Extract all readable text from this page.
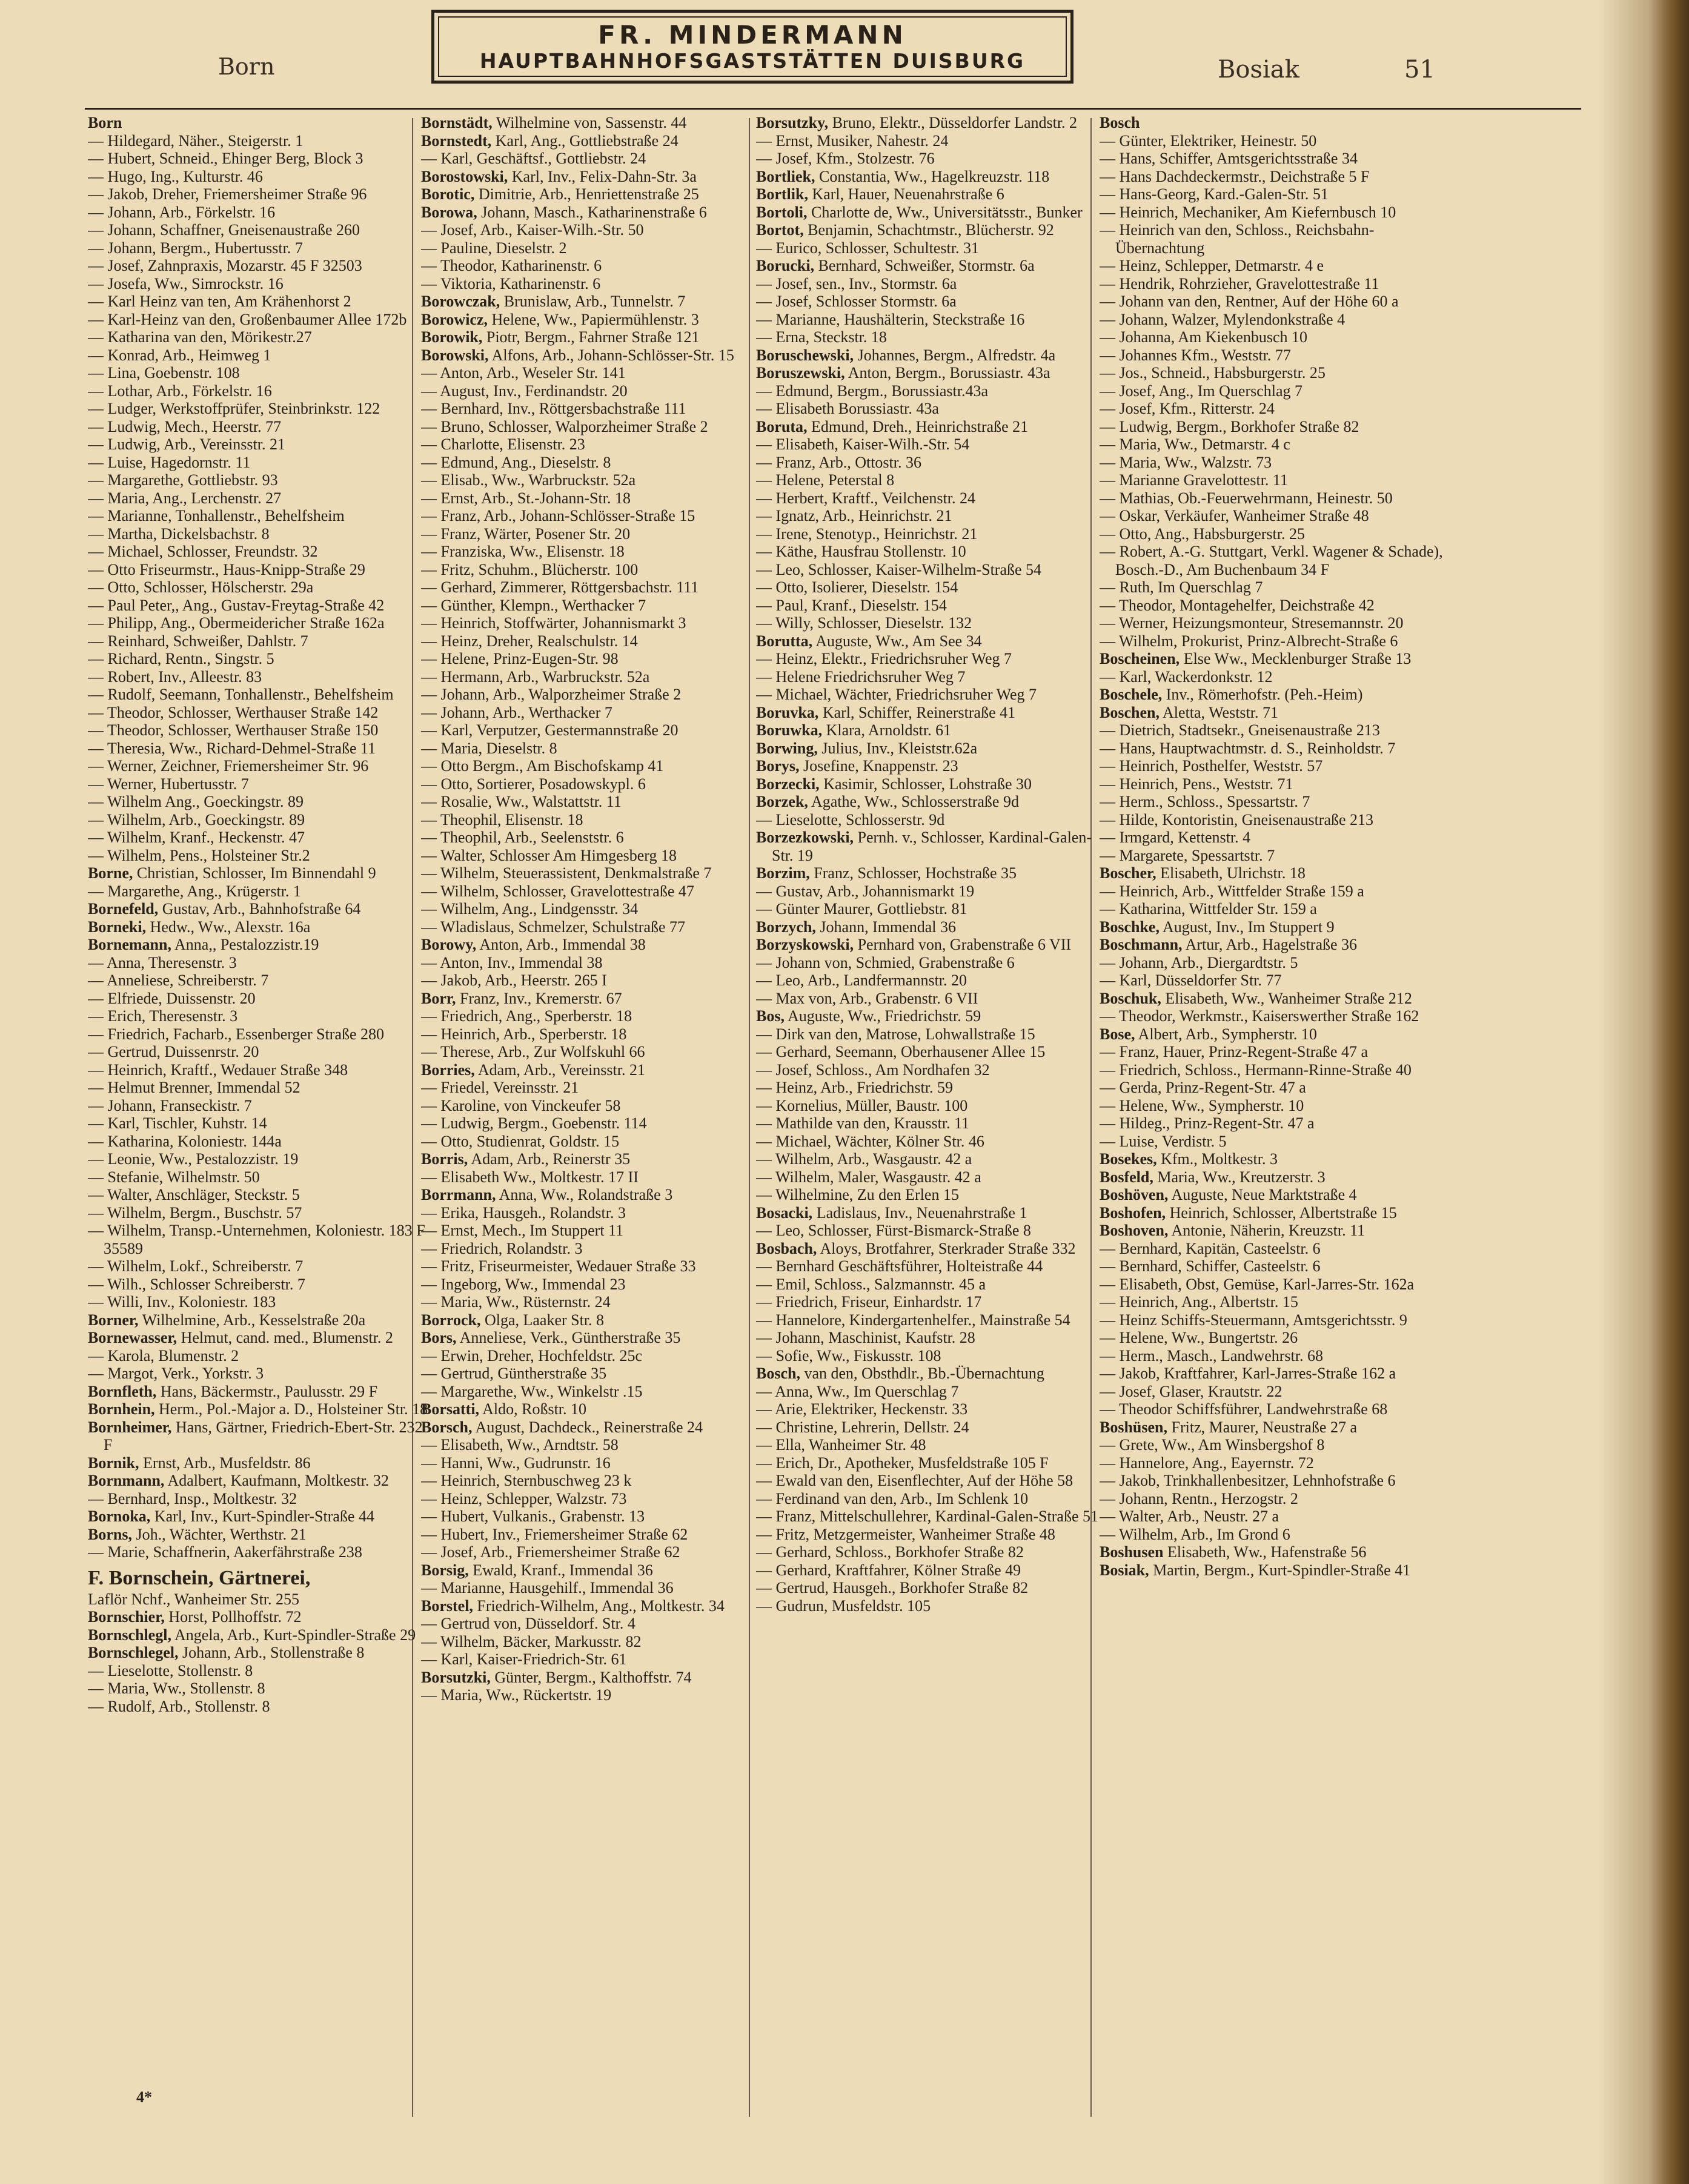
Born
FR. MINDERMANN
HAUPTBAHNHOFSGASTSTÄTTEN DUISBURG	Bosiak	51

Born

— Hildegard, Näher., Steigerstr. 1

— Hubert, Schneid., Ehinger Berg, Block 3

— Hugo, Ing., Kulturstr. 46

— Jakob, Dreher, Friemersheimer Straße 96

— Johann, Arb., Förkelstr. 16

— Johann, Schaffner, Gneisenaustraße 260

— Johann, Bergm., Hubertusstr. 7

— Josef, Zahnpraxis, Mozarstr. 45 F 32503

— Josefa, Ww., Simrockstr. 16

— Karl Heinz van ten, Am Krähenhorst 2

— Karl-Heinz van den, Großenbaumer Allee 172b

— Katharina van den, Mörikestr.27

— Konrad, Arb., Heimweg 1

— Lina, Goebenstr. 108

— Lothar, Arb., Förkelstr. 16

— Ludger, Werkstoffprüfer, Steinbrinkstr. 122

— Ludwig, Mech., Heerstr. 77

— Ludwig, Arb., Vereinsstr. 21

— Luise, Hagedornstr. 11

— Margarethe, Gottliebstr. 93

— Maria, Ang., Lerchenstr. 27

— Marianne, Tonhallenstr., Behelfsheim

— Martha, Dickelsbachstr. 8

— Michael, Schlosser, Freundstr. 32

— Otto Friseurmstr., Haus-Knipp-Straße 29

— Otto, Schlosser, Hölscherstr. 29a

— Paul Peter,, Ang., Gustav-Freytag-Straße 42

— Philipp, Ang., Obermeidericher Straße 162a

— Reinhard, Schweißer, Dahlstr. 7

— Richard, Rentn., Singstr. 5

— Robert, Inv., Alleestr. 83

— Rudolf, Seemann, Tonhallenstr., Behelfsheim

— Theodor, Schlosser, Werthauser Straße 142

— Theodor, Schlosser, Werthauser Straße 150

— Theresia, Ww., Richard-Dehmel-Straße 11

— Werner, Zeichner, Friemersheimer Str. 96

— Werner, Hubertusstr. 7

— Wilhelm Ang., Goeckingstr. 89

— Wilhelm, Arb., Goeckingstr. 89

— Wilhelm, Kranf., Heckenstr. 47

— Wilhelm, Pens., Holsteiner Str.2

Borne, Christian, Schlosser, Im Binnendahl 9

— Margarethe, Ang., Krügerstr. 1

Bornefeld, Gustav, Arb., Bahnhofstraße 64

Borneki, Hedw., Ww., Alexstr. 16a

Bornemann, Anna,, Pestalozzistr.19

— Anna, Theresenstr. 3

— Anneliese, Schreiberstr. 7

— Elfriede, Duissenstr. 20

— Erich, Theresenstr. 3

— Friedrich, Facharb., Essenberger Straße 280

— Gertrud, Duissenrstr. 20

— Heinrich, Kraftf., Wedauer Straße 348

— Helmut Brenner, Immendal 52

— Johann, Franseckistr. 7

— Karl, Tischler, Kuhstr. 14

— Katharina, Koloniestr. 144a

— Leonie, Ww., Pestalozzistr. 19

— Stefanie, Wilhelmstr. 50

— Walter, Anschläger, Steckstr. 5

— Wilhelm, Bergm., Buschstr. 57

— Wilhelm, Transp.-Unternehmen, Koloniestr. 183 F 35589

— Wilhelm, Lokf., Schreiberstr. 7

— Wilh., Schlosser Schreiberstr. 7

— Willi, Inv., Koloniestr. 183

Borner, Wilhelmine, Arb., Kesselstraße 20a

Bornewasser, Helmut, cand. med., Blumenstr. 2

— Karola, Blumenstr. 2

— Margot, Verk., Yorkstr. 3

Bornfleth, Hans, Bäckermstr., Paulusstr. 29 F

Bornhein, Herm., Pol.-Major a. D., Holsteiner Str. 18

Bornheimer, Hans, Gärtner, Friedrich-Ebert-Str. 232 F

Bornik, Ernst, Arb., Musfeldstr. 86

Bornmann, Adalbert, Kaufmann, Moltkestr. 32

— Bernhard, Insp., Moltkestr. 32

Bornoka, Karl, Inv., Kurt-Spindler-Straße 44

Borns, Joh., Wächter, Werthstr. 21

— Marie, Schaffnerin, Aakerfährstraße 238

F. Bornschein, Gärtnerei,

Laflör Nchf., Wanheimer Str. 255

Bornschier, Horst, Pollhoffstr. 72

Bornschlegl, Angela, Arb., Kurt-Spindler-Straße 29

Bornschlegel, Johann, Arb., Stollenstraße 8

— Lieselotte, Stollenstr. 8

— Maria, Ww., Stollenstr. 8

— Rudolf, Arb., Stollenstr. 8

Bornstädt, Wilhelmine von, Sassenstr. 44

Bornstedt, Karl, Ang., Gottliebstraße 24

— Karl, Geschäftsf., Gottliebstr. 24

Borostowski, Karl, Inv., Felix-Dahn-Str. 3a

Borotic, Dimitrie, Arb., Henriettenstraße 25

Borowa, Johann, Masch., Katharinenstraße 6

— Josef, Arb., Kaiser-Wilh.-Str. 50

— Pauline, Dieselstr. 2

— Theodor, Katharinenstr. 6

— Viktoria, Katharinenstr. 6

Borowczak, Brunislaw, Arb., Tunnelstr. 7

Borowicz, Helene, Ww., Papiermühlenstr. 3

Borowik, Piotr, Bergm., Fahrner Straße 121

Borowski, Alfons, Arb., Johann-Schlösser-Str. 15

— Anton, Arb., Weseler Str. 141

— August, Inv., Ferdinandstr. 20

— Bernhard, Inv., Röttgersbachstraße 111

— Bruno, Schlosser, Walporzheimer Straße 2

— Charlotte, Elisenstr. 23

— Edmund, Ang., Dieselstr. 8

— Elisab., Ww., Warbruckstr. 52a

— Ernst, Arb., St.-Johann-Str. 18

— Franz, Arb., Johann-Schlösser-Straße 15

— Franz, Wärter, Posener Str. 20

— Franziska, Ww., Elisenstr. 18

— Fritz, Schuhm., Blücherstr. 100

— Gerhard, Zimmerer, Röttgersbachstr. 111

— Günther, Klempn., Werthacker 7

— Heinrich, Stoffwärter, Johannismarkt 3

— Heinz, Dreher, Realschulstr. 14

— Helene, Prinz-Eugen-Str. 98

— Hermann, Arb., Warbruckstr. 52a

— Johann, Arb., Walporzheimer Straße 2

— Johann, Arb., Werthacker 7

— Karl, Verputzer, Gestermannstraße 20

— Maria, Dieselstr. 8

— Otto Bergm., Am Bischofskamp 41

— Otto, Sortierer, Posadowskypl. 6

— Rosalie, Ww., Walstattstr. 11

— Theophil, Elisenstr. 18

— Theophil, Arb., Seelenststr. 6

— Walter, Schlosser Am Himgesberg 18

— Wilhelm, Steuerassistent, Denkmalstraße 7

— Wilhelm, Schlosser, Gravelottestraße 47

— Wilhelm, Ang., Lindgensstr. 34

— Wladislaus, Schmelzer, Schulstraße 77

Borowy, Anton, Arb., Immendal 38

— Anton, Inv., Immendal 38

— Jakob, Arb., Heerstr. 265 I

Borr, Franz, Inv., Kremerstr. 67

— Friedrich, Ang., Sperberstr. 18

— Heinrich, Arb., Sperberstr. 18

— Therese, Arb., Zur Wolfskuhl 66

Borries, Adam, Arb., Vereinsstr. 21

— Friedel, Vereinsstr. 21

— Karoline, von Vinckeufer 58

— Ludwig, Bergm., Goebenstr. 114

— Otto, Studienrat, Goldstr. 15

Borris, Adam, Arb., Reinerstr 35

— Elisabeth Ww., Moltkestr. 17 II

Borrmann, Anna, Ww., Rolandstraße 3

— Erika, Hausgeh., Rolandstr. 3

— Ernst, Mech., Im Stuppert 11

— Friedrich, Rolandstr. 3

— Fritz, Friseurmeister, Wedauer Straße 33

— Ingeborg, Ww., Immendal 23

— Maria, Ww., Rüsternstr. 24

Borrock, Olga, Laaker Str. 8

Bors, Anneliese, Verk., Güntherstraße 35

— Erwin, Dreher, Hochfeldstr. 25c

— Gertrud, Güntherstraße 35

— Margarethe, Ww., Winkelstr .15

Borsatti, Aldo, Roßstr. 10

Borsch, August, Dachdeck., Reinerstraße 24

— Elisabeth, Ww., Arndtstr. 58

— Hanni, Ww., Gudrunstr. 16

— Heinrich, Sternbuschweg 23 k

— Heinz, Schlepper, Walzstr. 73

— Hubert, Vulkanis., Grabenstr. 13

— Hubert, Inv., Friemersheimer Straße 62

— Josef, Arb., Friemersheimer Straße 62

Borsig, Ewald, Kranf., Immendal 36

— Marianne, Hausgehilf., Immendal 36

Borstel, Friedrich-Wilhelm, Ang., Moltkestr. 34

— Gertrud von, Düsseldorf. Str. 4

— Wilhelm, Bäcker, Markusstr. 82

— Karl, Kaiser-Friedrich-Str. 61

Borsutzki, Günter, Bergm., Kalthoffstr. 74

— Maria, Ww., Rückertstr. 19

Borsutzky, Bruno, Elektr., Düsseldorfer Landstr. 2

— Ernst, Musiker, Nahestr. 24

— Josef, Kfm., Stolzestr. 76

Bortliek, Constantia, Ww., Hagelkreuzstr. 118

Bortlik, Karl, Hauer, Neuenahrstraße 6

Bortoli, Charlotte de, Ww., Universitätsstr., Bunker

Bortot, Benjamin, Schachtmstr., Blücherstr. 92

— Eurico, Schlosser, Schultestr. 31

Borucki, Bernhard, Schweißer, Stormstr. 6a

— Josef, sen., Inv., Stormstr. 6a

— Josef, Schlosser Stormstr. 6a

— Marianne, Haushälterin, Steckstraße 16

— Erna, Steckstr. 18

Boruschewski, Johannes, Bergm., Alfredstr. 4a

Boruszewski, Anton, Bergm., Borussiastr. 43a

— Edmund, Bergm., Borussiastr.43a

— Elisabeth Borussiastr. 43a

Boruta, Edmund, Dreh., Heinrichstraße 21

— Elisabeth, Kaiser-Wilh.-Str. 54

— Franz, Arb., Ottostr. 36

— Helene, Peterstal 8

— Herbert, Kraftf., Veilchenstr. 24

— Ignatz, Arb., Heinrichstr. 21

— Irene, Stenotyp., Heinrichstr. 21

— Käthe, Hausfrau Stollenstr. 10

— Leo, Schlosser, Kaiser-Wilhelm-Straße 54

— Otto, Isolierer, Dieselstr. 154

— Paul, Kranf., Dieselstr. 154

— Willy, Schlosser, Dieselstr. 132

Borutta, Auguste, Ww., Am See 34

— Heinz, Elektr., Friedrichsruher Weg 7

— Helene Friedrichsruher Weg 7

— Michael, Wächter, Friedrichsruher Weg 7

Boruvka, Karl, Schiffer, Reinerstraße 41

Boruwka, Klara, Arnoldstr. 61

Borwing, Julius, Inv., Kleiststr.62a

Borys, Josefine, Knappenstr. 23

Borzecki, Kasimir, Schlosser, Lohstraße 30

Borzek, Agathe, Ww., Schlosserstraße 9d

— Lieselotte, Schlosserstr. 9d

Borzezkowski, Pernh. v., Schlosser, Kardinal-Galen-Str. 19

Borzim, Franz, Schlosser, Hochstraße 35

— Gustav, Arb., Johannismarkt 19

— Günter Maurer, Gottliebstr. 81

Borzych, Johann, Immendal 36

Borzyskowski, Pernhard von, Grabenstraße 6 VII

— Johann von, Schmied, Grabenstraße 6

— Leo, Arb., Landfermannstr. 20

— Max von, Arb., Grabenstr. 6 VII

Bos, Auguste, Ww., Friedrichstr. 59

— Dirk van den, Matrose, Lohwallstraße 15

— Gerhard, Seemann, Oberhausener Allee 15

— Josef, Schloss., Am Nordhafen 32

— Heinz, Arb., Friedrichstr. 59

— Kornelius, Müller, Baustr. 100

— Mathilde van den, Krausstr. 11

— Michael, Wächter, Kölner Str. 46

— Wilhelm, Arb., Wasgaustr. 42 a

— Wilhelm, Maler, Wasgaustr. 42 a

— Wilhelmine, Zu den Erlen 15

Bosacki, Ladislaus, Inv., Neuenahrstraße 1

— Leo, Schlosser, Fürst-Bismarck-Straße 8

Bosbach, Aloys, Brotfahrer, Sterkrader Straße 332

— Bernhard Geschäftsführer, Holteistraße 44

— Emil, Schloss., Salzmannstr. 45 a

— Friedrich, Friseur, Einhardstr. 17

— Hannelore, Kindergartenhelfer., Mainstraße 54

— Johann, Maschinist, Kaufstr. 28

— Sofie, Ww., Fiskusstr. 108

Bosch, van den, Obsthdlr., Bb.-Übernachtung

— Anna, Ww., Im Querschlag 7

— Arie, Elektriker, Heckenstr. 33

— Christine, Lehrerin, Dellstr. 24

— Ella, Wanheimer Str. 48

— Erich, Dr., Apotheker, Musfeldstraße 105 F

— Ewald van den, Eisenflechter, Auf der Höhe 58

— Ferdinand van den, Arb., Im Schlenk 10

— Franz, Mittelschullehrer, Kardinal-Galen-Straße 51

— Fritz, Metzgermeister, Wanheimer Straße 48

— Gerhard, Schloss., Borkhofer Straße 82

— Gerhard, Kraftfahrer, Kölner Straße 49

— Gertrud, Hausgeh., Borkhofer Straße 82

— Gudrun, Musfeldstr. 105

Bosch

— Günter, Elektriker, Heinestr. 50

— Hans, Schiffer, Amtsgerichtsstraße 34

— Hans Dachdeckermstr., Deichstraße 5 F

— Hans-Georg, Kard.-Galen-Str. 51

— Heinrich, Mechaniker, Am Kiefernbusch 10

— Heinrich van den, Schloss., Reichsbahn-Übernachtung

— Heinz, Schlepper, Detmarstr. 4 e

— Hendrik, Rohrzieher, Gravelottestraße 11

— Johann van den, Rentner, Auf der Höhe 60 a

— Johann, Walzer, Mylendonkstraße 4

— Johanna, Am Kiekenbusch 10

— Johannes Kfm., Weststr. 77

— Jos., Schneid., Habsburgerstr. 25

— Josef, Ang., Im Querschlag 7

— Josef, Kfm., Ritterstr. 24

— Ludwig, Bergm., Borkhofer Straße 82

— Maria, Ww., Detmarstr. 4 c

— Maria, Ww., Walzstr. 73

— Marianne Gravelottestr. 11

— Mathias, Ob.-Feuerwehrmann, Heinestr. 50

— Oskar, Verkäufer, Wanheimer Straße 48

— Otto, Ang., Habsburgerstr. 25

— Robert, A.-G. Stuttgart, Verkl. Wagener & Schade), Bosch.-D., Am Buchenbaum 34 F

— Ruth, Im Querschlag 7

— Theodor, Montagehelfer, Deichstraße 42

— Werner, Heizungsmonteur, Stresemannstr. 20

— Wilhelm, Prokurist, Prinz-Albrecht-Straße 6

Boscheinen, Else Ww., Mecklenburger Straße 13

— Karl, Wackerdonkstr. 12

Boschele, Inv., Römerhofstr. (Peh.-Heim)

Boschen, Aletta, Weststr. 71

— Dietrich, Stadtsekr., Gneisenaustraße 213

— Hans, Hauptwachtmstr. d. S., Reinholdstr. 7

— Heinrich, Posthelfer, Weststr. 57

— Heinrich, Pens., Weststr. 71

— Herm., Schloss., Spessartstr. 7

— Hilde, Kontoristin, Gneisenaustraße 213

— Irmgard, Kettenstr. 4

— Margarete, Spessartstr. 7

Boscher, Elisabeth, Ulrichstr. 18

— Heinrich, Arb., Wittfelder Straße 159 a

— Katharina, Wittfelder Str. 159 a

Boschke, August, Inv., Im Stuppert 9

Boschmann, Artur, Arb., Hagelstraße 36

— Johann, Arb., Diergardtstr. 5

— Karl, Düsseldorfer Str. 77

Boschuk, Elisabeth, Ww., Wanheimer Straße 212

— Theodor, Werkmstr., Kaiserswerther Straße 162

Bose, Albert, Arb., Sympherstr. 10

— Franz, Hauer, Prinz-Regent-Straße 47 a

— Friedrich, Schloss., Hermann-Rinne-Straße 40

— Gerda, Prinz-Regent-Str. 47 a

— Helene, Ww., Sympherstr. 10

— Hildeg., Prinz-Regent-Str. 47 a

— Luise, Verdistr. 5

Bosekes, Kfm., Moltkestr. 3

Bosfeld, Maria, Ww., Kreutzerstr. 3

Boshöven, Auguste, Neue Marktstraße 4

Boshofen, Heinrich, Schlosser, Albertstraße 15

Boshoven, Antonie, Näherin, Kreuzstr. 11

— Bernhard, Kapitän, Casteelstr. 6

— Bernhard, Schiffer, Casteelstr. 6

— Elisabeth, Obst, Gemüse, Karl-Jarres-Str. 162a

— Heinrich, Ang., Albertstr. 15

— Heinz Schiffs-Steuermann, Amtsgerichtsstr. 9

— Helene, Ww., Bungertstr. 26

— Herm., Masch., Landwehrstr. 68

— Jakob, Kraftfahrer, Karl-Jarres-Straße 162 a

— Josef, Glaser, Krautstr. 22

— Theodor Schiffsführer, Landwehrstraße 68

Boshüsen, Fritz, Maurer, Neustraße 27 a

— Grete, Ww., Am Winsbergshof 8

— Hannelore, Ang., Eayernstr. 72

— Jakob, Trinkhallenbesitzer, Lehnhofstraße 6

— Johann, Rentn., Herzogstr. 2

— Walter, Arb., Neustr. 27 a

— Wilhelm, Arb., Im Grond 6

Boshusen Elisabeth, Ww., Hafenstraße 56

Bosiak, Martin, Bergm., Kurt-Spindler-Straße 41

4*
